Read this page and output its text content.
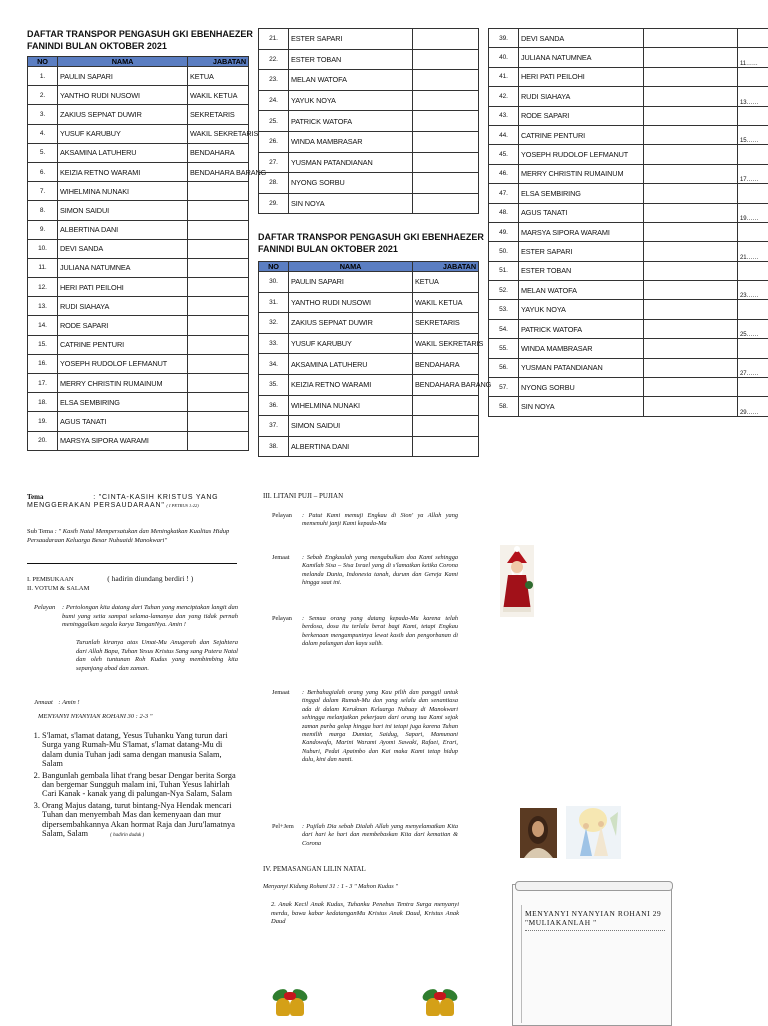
DAFTAR TRANSPOR PENGASUH GKI EBENHAEZER
FANINDI BULAN OKTOBER 2021
NO	NAMA	JABATAN
1.	PAULIN SAPARI	KETUA
2.	YANTHO RUDI NUSOWI	WAKIL KETUA
3.	ZAKIUS SEPNAT DUWIR	SEKRETARIS
4.	YUSUF KARUBUY	WAKIL SEKRETARIS
5.	AKSAMINA LATUHERU	BENDAHARA
6.	KEIZIA RETNO WARAMI	BENDAHARA BARANG
7.	WIHELMINA NUNAKI	
8.	SIMON SAIDUI	
9.	ALBERTINA DANI	
10.	DEVI SANDA	
11.	JULIANA NATUMNEA	
12.	HERI PATI PEILOHI	
13.	RUDI SIAHAYA	
14.	RODE SAPARI	
15.	CATRINE PENTURI	
16.	YOSEPH RUDOLOF LEFMANUT	
17.	MERRY CHRISTIN RUMAINUM	
18.	ELSA SEMBIRING	
19.	AGUS TANATI	
20.	MARSYA SIPORA WARAMI	
21.	ESTER SAPARI	
22.	ESTER TOBAN	
23.	MELAN WATOFA	
24.	YAYUK NOYA	
25.	PATRICK WATOFA	
26.	WINDA MAMBRASAR	
27.	YUSMAN PATANDIANAN	
28.	NYONG SORBU	
29.	SIN NOYA	
DAFTAR TRANSPOR PENGASUH GKI EBENHAEZER
FANINDI BULAN OKTOBER 2021
NO	NAMA	JABATAN
30.	PAULIN SAPARI	KETUA
31.	YANTHO RUDI NUSOWI	WAKIL KETUA
32.	ZAKIUS SEPNAT DUWIR	SEKRETARIS
33.	YUSUF KARUBUY	WAKIL SEKRETARIS
34.	AKSAMINA LATUHERU	BENDAHARA
35.	KEIZIA RETNO WARAMI	BENDAHARA BARANG
36.	WIHELMINA NUNAKI	
37.	SIMON SAIDUI	
38.	ALBERTINA DANI	
39.	DEVI SANDA		
40.	JULIANA NATUMNEA		11……
41.	HERI PATI PEILOHI		
42.	RUDI SIAHAYA		13……
43.	RODE SAPARI		
44.	CATRINE PENTURI		15……
45.	YOSEPH RUDOLOF LEFMANUT		
46.	MERRY CHRISTIN RUMAINUM		17……
47.	ELSA SEMBIRING		
48.	AGUS TANATI		19……
49.	MARSYA SIPORA WARAMI		
50.	ESTER SAPARI		21……
51.	ESTER TOBAN		
52.	MELAN WATOFA		23……
53.	YAYUK NOYA		
54.	PATRICK WATOFA		25……
55.	WINDA MAMBRASAR		
56.	YUSMAN PATANDIANAN		27……
57.	NYONG SORBU		
58.	SIN NOYA		29……
Tema	: "CINTA-KASIH KRISTUS YANG MENGGERAKAN PERSAUDARAAN" ( I PETRUS 1:22)
Sub Tema : " Kasih Natal Mempersatukan dan Meningkatkan Kualitas Hidup Persaudaraan Keluarga Besar Nubuaidi Manokwari"
I. PEMBUKAAN	( hadirin diundang berdiri ! )
II. VOTUM & SALAM
Pelayan : Pertolongan kita datang dari Tuhan yang menciptakan langit dan bumi yang setia sampai selama-lamanya dan yang tidak pernah meninggalkan segala karya TanganNya. Amin !
Turunlah kiranya atas Umat-Mu Anugerah dan Sejahtera dari Allah Bapa, Tuhan Yesus Kristus Sang sang Putera Natal dan oleh tuntunan Roh Kudus yang membimbing kita sepanjang abad dan zaman.
Jemaat : Amin !
MENYANYI NYANYIAN ROHANI 30 : 2-3 "
1. S'lamat, s'lamat datang, Yesus Tuhanku Yang turun dari Surga yang Rumah-Mu S'lamat, s'lamat datang-Mu di dalam dunia Tuhan jadi sama dengan manusia Salam, Salam
2. Bangunlah gembala lihat t'rang besar Dengar berita Sorga dan bergemar Sungguh malam ini, Tuhan Yesus lahirlah Cari Kanak - kanak yang di palungan-Nya Salam, Salam
3. Orang Majus datang, turut bintang-Nya Hendak mencari Tuhan dan menyembah Mas dan kemenyaan dan mur dipersembahkannya Akan hormat Raja dan Juru'lamatnya Salam, Salam	( hadirin duduk )
III. LITANI PUJI – PUJIAN
Pelayan : Patut Kami memuji Engkau di Sion' ya Allah yang memenuhi janji Kami kepada-Mu
Jemaat : Sebab Engkaulah yang mengabulkan doa Kami sehingga Kamilah Sisa – Sisa Israel yang di s'lamatkan ketika Corona melanda Dunia, Indonesia tanah, durum dan Gereja Kami hingga saat ini.
Pelayan : Semua orang yang datang kepada-Mu karena telah berdosa, dosa itu terlalu berat bagi Kami, tetapi Engkau berkenaan mengampuninya lewat kasih dan pengorbanan di dalam palungan dan kayu salib.
Jemaat : Berbahagialah orang yang Kau pilih dan panggil untuk tinggal dalam Rumah-Mu dan yang selalu dan senantiasa ada di dalam Keruknan Keluarga Nubuay di Manokwari sehingga melanjutkan pekerjaan dari orang tua Kami sejak zaman purba gelap hingga hari ini tetapi juga karena Tuhan memilih marga Dumtar, Saidug, Sapari, Mamunani Kandowafa, Marini Warami Ayomi Sawaki, Rafaei, Erari, Nuburi, Pedai Apaimbo dan Kai maka Kami tetap hidup dulu, kini dan nanti.
Pel+Jem : Pujilah Dia sebab Dialah Allah yang menyelamatkan Kita dari hari ke hari dan membebaskan Kita dari kematian & Corona
IV. PEMASANGAN LILIN NATAL
Menyanyi Kidung Rohani 31 : 1 - 3 " Mahon Kudus "
2. Anak Kecil Anak Kudus, Tuhanku Penebus Tentra Surga menyanyi merdu, bawa kabar kedatanganMu Kristus Anak Daud, Kristus Anak Daud
MENYANYI NYANYIAN ROHANI 29 "MULIAKANLAH "
